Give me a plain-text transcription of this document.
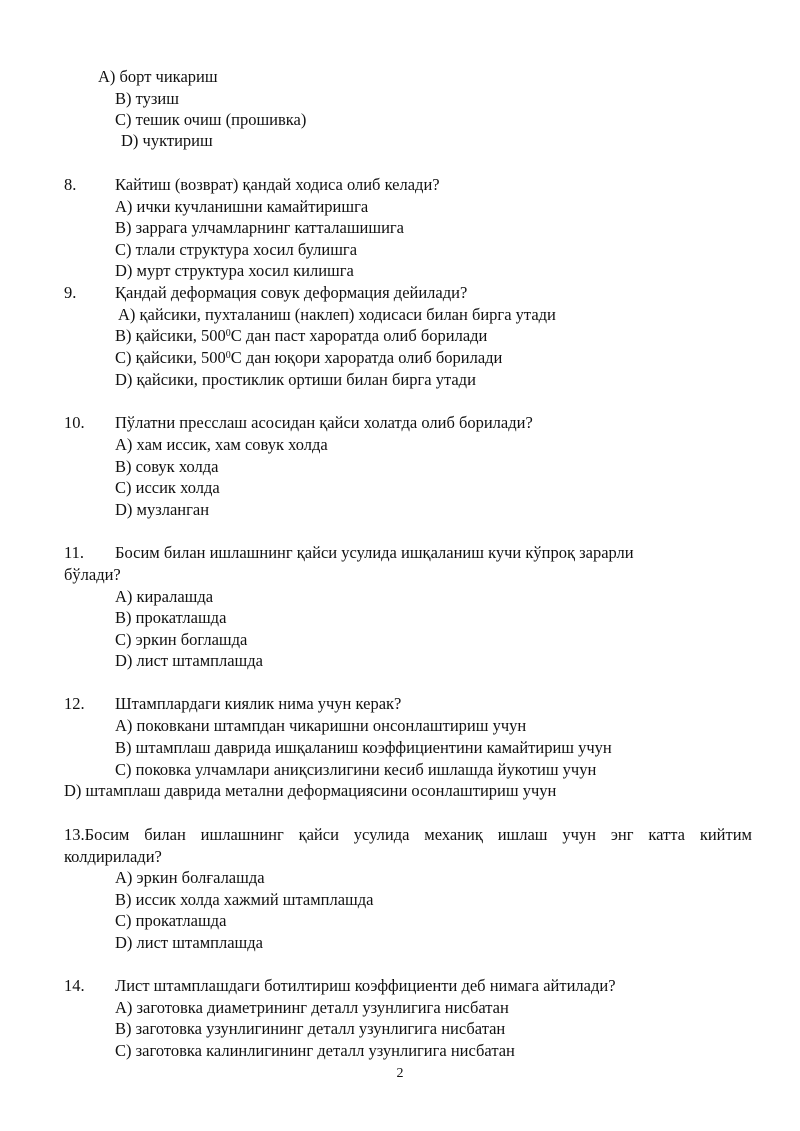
A) борт чикариш
B) тузиш
C) тешик очиш (прошивка)
D) чуктириш
8. Кайтиш (возврат) қандай ходиса олиб келади?
A) ички кучланишни камайтиришга
B) заррага улчамларнинг катталашишига
C) тлали структура хосил булишга
D) мурт структура хосил килишга
9. Қандай деформация совук деформация дейилади?
A) қайсики, пухталаниш (наклеп) ходисаси билан бирга утади
B) қайсики, $500^0С$ дан паст хароратда олиб борилади
C) қайсики, $500^0С$ дан юқори хароратда олиб борилади
D) қайсики, простиклик ортиши билан бирга утади
10. Пўлатни пресслаш асосидан қайси холатда олиб борилади?
A) хам иссик, хам совук холда
B) совук холда
C) иссик холда
D) музланган
11. Босим билан ишлашнинг қайси усулида ишқаланиш кучи кўпроқ зарарли
бўлади?
A) киралашда
B) прокатлашда
C) эркин боглашда
D) лист штамплашда
12. Штамплардаги киялик нима учун керак?
A) поковкани штампдан чикаришни онсонлаштириш учун
B) штамплаш даврида ишқаланиш коэффициентини камайтириш учун
C) поковка улчамлари аниқсизлигини кесиб ишлашда йукотиш учун
D) штамплаш даврида метални деформациясини осонлаштириш учун
13.Босим билан ишлашнинг қайси усулида механиқ ишлаш учун энг катта кийтим
колдирилади?
A) эркин болғалашда
B) иссик холда хажмий штамплашда
C) прокатлашда
D) лист штамплашда
14. Лист штамплашдаги ботилтириш коэффициенти деб нимага айтилади?
A) заготовка диаметрининг деталл узунлигига нисбатан
B) заготовка узунлигининг деталл узунлигига нисбатан
C) заготовка калинлигининг деталл узунлигига нисбатан
2
